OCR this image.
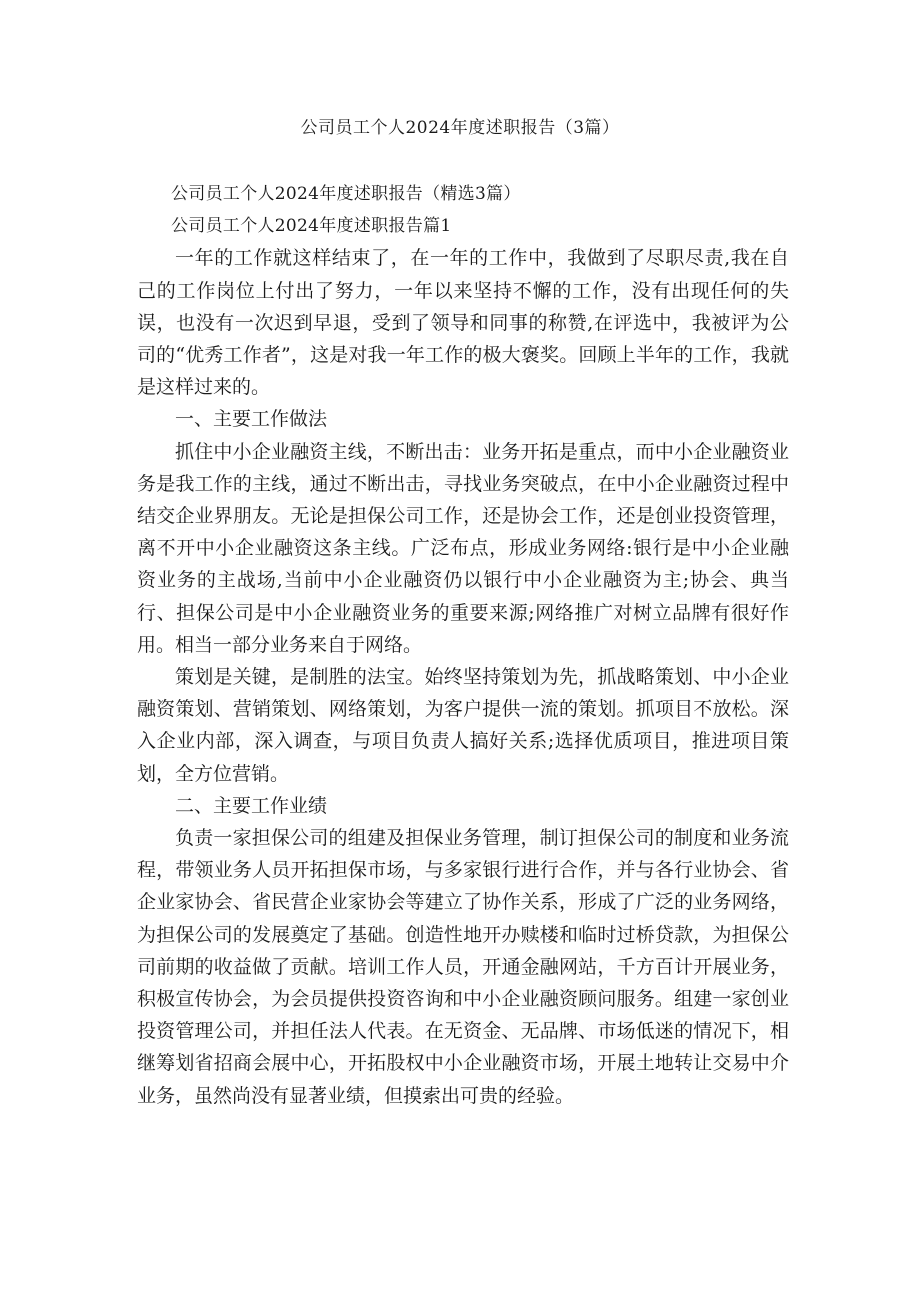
公司员工个人2024年度述职报告（3篇）

公司员工个人2024年度述职报告（精选3篇）

公司员工个人2024年度述职报告篇1

一年的工作就这样结束了，在一年的工作中，我做到了尽职尽责,我在自己的工作岗位上付出了努力，一年以来坚持不懈的工作，没有出现任何的失误，也没有一次迟到早退，受到了领导和同事的称赞,在评选中，我被评为公司的“优秀工作者”，这是对我一年工作的极大褒奖。回顾上半年的工作，我就是这样过来的。

一、主要工作做法

抓住中小企业融资主线，不断出击：业务开拓是重点，而中小企业融资业务是我工作的主线，通过不断出击，寻找业务突破点，在中小企业融资过程中结交企业界朋友。无论是担保公司工作，还是协会工作，还是创业投资管理，离不开中小企业融资这条主线。广泛布点，形成业务网络:银行是中小企业融资业务的主战场,当前中小企业融资仍以银行中小企业融资为主;协会、典当行、担保公司是中小企业融资业务的重要来源;网络推广对树立品牌有很好作用。相当一部分业务来自于网络。

策划是关键，是制胜的法宝。始终坚持策划为先，抓战略策划、中小企业融资策划、营销策划、网络策划，为客户提供一流的策划。抓项目不放松。深入企业内部，深入调查，与项目负责人搞好关系;选择优质项目，推进项目策划，全方位营销。

二、主要工作业绩

负责一家担保公司的组建及担保业务管理，制订担保公司的制度和业务流程，带领业务人员开拓担保市场，与多家银行进行合作，并与各行业协会、省企业家协会、省民营企业家协会等建立了协作关系，形成了广泛的业务网络，为担保公司的发展奠定了基础。创造性地开办赎楼和临时过桥贷款，为担保公司前期的收益做了贡献。培训工作人员，开通金融网站，千方百计开展业务，积极宣传协会，为会员提供投资咨询和中小企业融资顾问服务。组建一家创业投资管理公司，并担任法人代表。在无资金、无品牌、市场低迷的情况下，相继筹划省招商会展中心，开拓股权中小企业融资市场，开展土地转让交易中介业务，虽然尚没有显著业绩，但摸索出可贵的经验。
